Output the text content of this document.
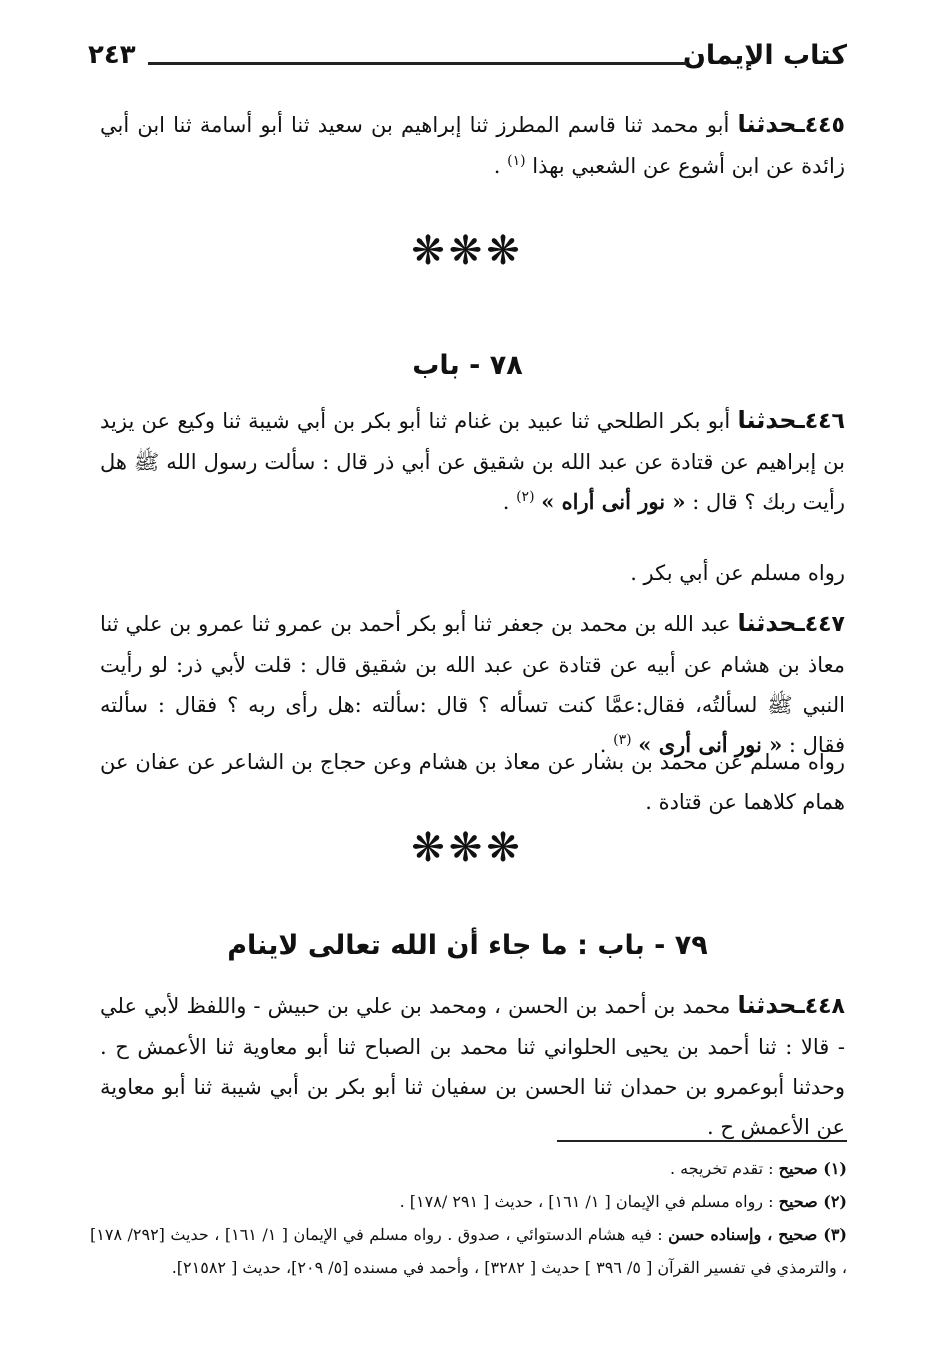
كتاب الإيمان
٢٤٣
٤٤٥ـحدثنا أبو محمد ثنا قاسم المطرز ثنا إبراهيم بن سعيد ثنا أبو أسامة ثنا ابن أبي زائدة عن ابن أشوع عن الشعبي بهذا $^{(١)}$ .
❋❋❋
٧٨ - باب
٤٤٦ـحدثنا أبو بكر الطلحي ثنا عبيد بن غنام ثنا أبو بكر بن أبي شيبة ثنا وكيع عن يزيد بن إبراهيم عن قتادة عن عبد الله بن شقيق عن أبي ذر قال : سألت رسول الله ﷺ هل رأيت ربك ؟ قال : « نور أنى أراه » $^{(٢)}$ .
رواه مسلم عن أبي بكر .
٤٤٧ـحدثنا عبد الله بن محمد بن جعفر ثنا أبو بكر أحمد بن عمرو ثنا عمرو بن علي ثنا معاذ بن هشام عن أبيه عن قتادة عن عبد الله بن شقيق قال : قلت لأبي ذر: لو رأيت النبي ﷺ لسألتُه، فقال:عمَّا كنت تسأله ؟ قال :سألته :هل رأى ربه ؟ فقال : سألته فقال : « نور أنى أرى » $^{(٣)}$ .
رواه مسلم عن محمد بن بشار عن معاذ بن هشام وعن حجاج بن الشاعر عن عفان عن همام كلاهما عن قتادة .
❋❋❋
٧٩ - باب : ما جاء أن الله تعالى لاينام
٤٤٨ـحدثنا محمد بن أحمد بن الحسن ، ومحمد بن علي بن حبيش - واللفظ لأبي علي - قالا : ثنا أحمد بن يحيى الحلواني ثنا محمد بن الصباح ثنا أبو معاوية ثنا الأعمش ح . وحدثنا أبوعمرو بن حمدان ثنا الحسن بن سفيان ثنا أبو بكر بن أبي شيبة ثنا أبو معاوية عن الأعمش ح .
(١) صحيح : تقدم تخريجه .
(٢) صحيح : رواه مسلم في الإيمان [ ١/ ١٦١] ، حديث [ ٢٩١ /١٧٨] .
(٣) صحيح ، وإسناده حسن : فيه هشام الدستوائي ، صدوق . رواه مسلم في الإيمان [ ١/ ١٦١] ، حديث [٢٩٢/ ١٧٨] ، والترمذي في تفسير القرآن [ ٥/ ٣٩٦ ] حديث [ ٣٢٨٢] ، وأحمد في مسنده [٥/ ٢٠٩]، حديث [ ٢١٥٨٢].
